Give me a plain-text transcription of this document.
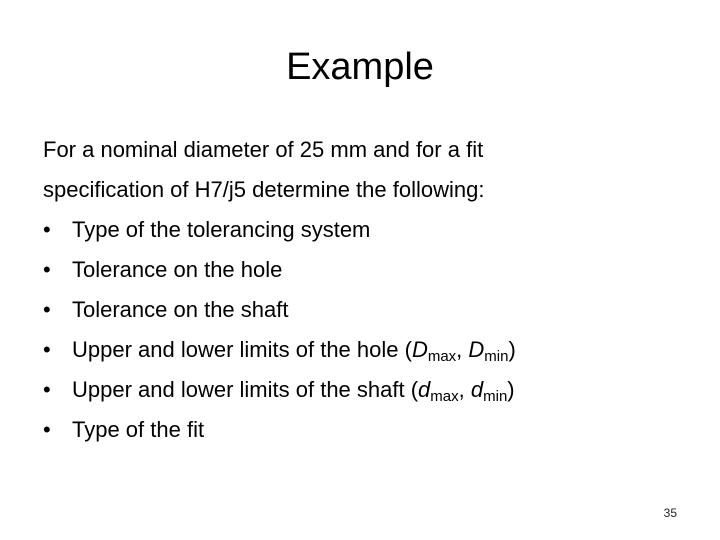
Example
For a nominal diameter of 25 mm and for a fit
specification of H7/j5 determine the following:
• Type of the tolerancing system
• Tolerance on the hole
• Tolerance on the shaft
• Upper and lower limits of the hole ($D_{max}$, $D_{min}$)
• Upper and lower limits of the shaft ($d_{max}$, $d_{min}$)
• Type of the fit
35
